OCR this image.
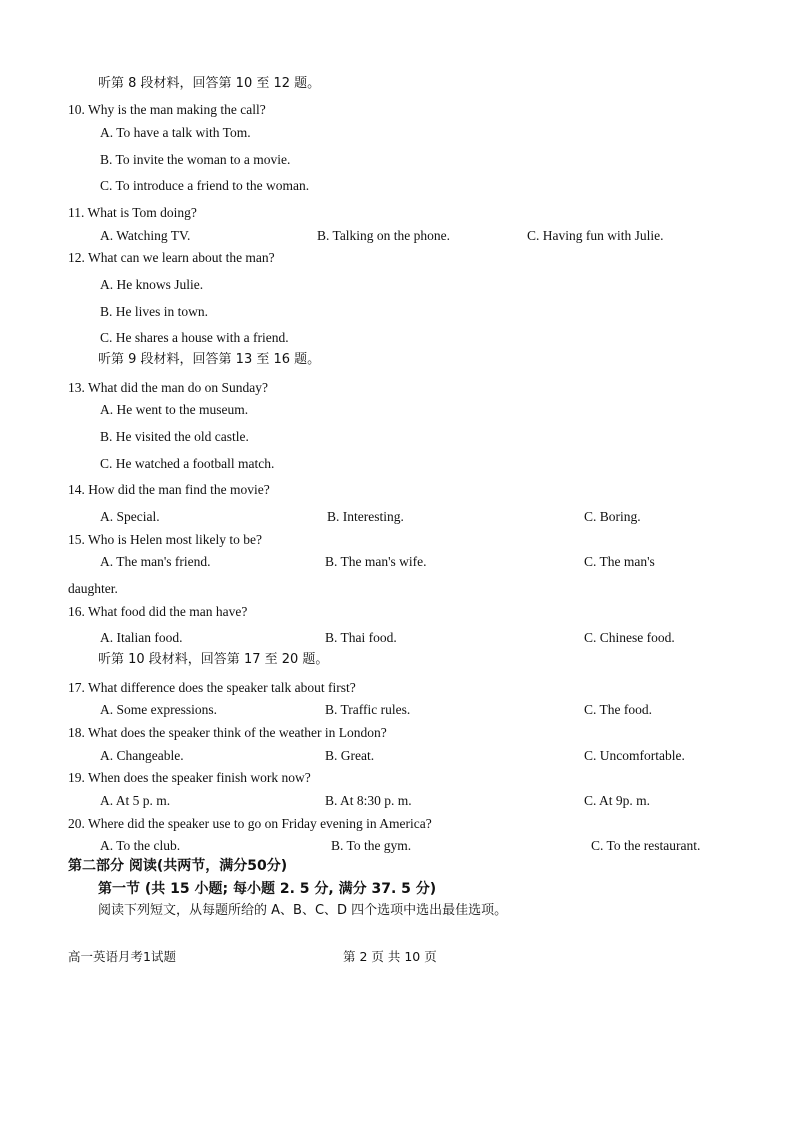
听第 8 段材料，回答第 10 至 12 题。
10. Why is the man making the call?
A. To have a talk with Tom.
B. To invite the woman to a movie.
C. To introduce a friend to the woman.
11. What is Tom doing?
A. Watching TV.	B. Talking on the phone.	C. Having fun with Julie.
12. What can we learn about the man?
A. He knows Julie.
B. He lives in town.
C. He shares a house with a friend.
听第 9 段材料，回答第 13 至 16 题。
13. What did the man do on Sunday?
A. He went to the museum.
B. He visited the old castle.
C. He watched a football match.
14. How did the man find the movie?
A. Special.	B. Interesting.	C. Boring.
15. Who is Helen most likely to be?
A. The man's friend.	B. The man's wife.	C. The man's
daughter.
16. What food did the man have?
A. Italian food.	B. Thai food.	C. Chinese food.
听第 10 段材料，回答第 17 至 20 题。
17. What difference does the speaker talk about first?
A. Some expressions.	B. Traffic rules.	C. The food.
18. What does the speaker think of the weather in London?
A. Changeable.	B. Great.	C. Uncomfortable.
19. When does the speaker finish work now?
A. At 5 p. m.	B. At 8:30 p. m.	C. At 9p. m.
20. Where did the speaker use to go on Friday evening in America?
A. To the club.	B. To the gym.	C. To the restaurant.
第二部分 阅读(共两节，满分50分)
第一节 (共 15 小题; 每小题 2. 5 分, 满分 37. 5 分)
阅读下列短文，从每题所给的 A、B、C、D 四个选项中选出最佳选项。
高一英语月考1试题	第 2 页 共 10 页
